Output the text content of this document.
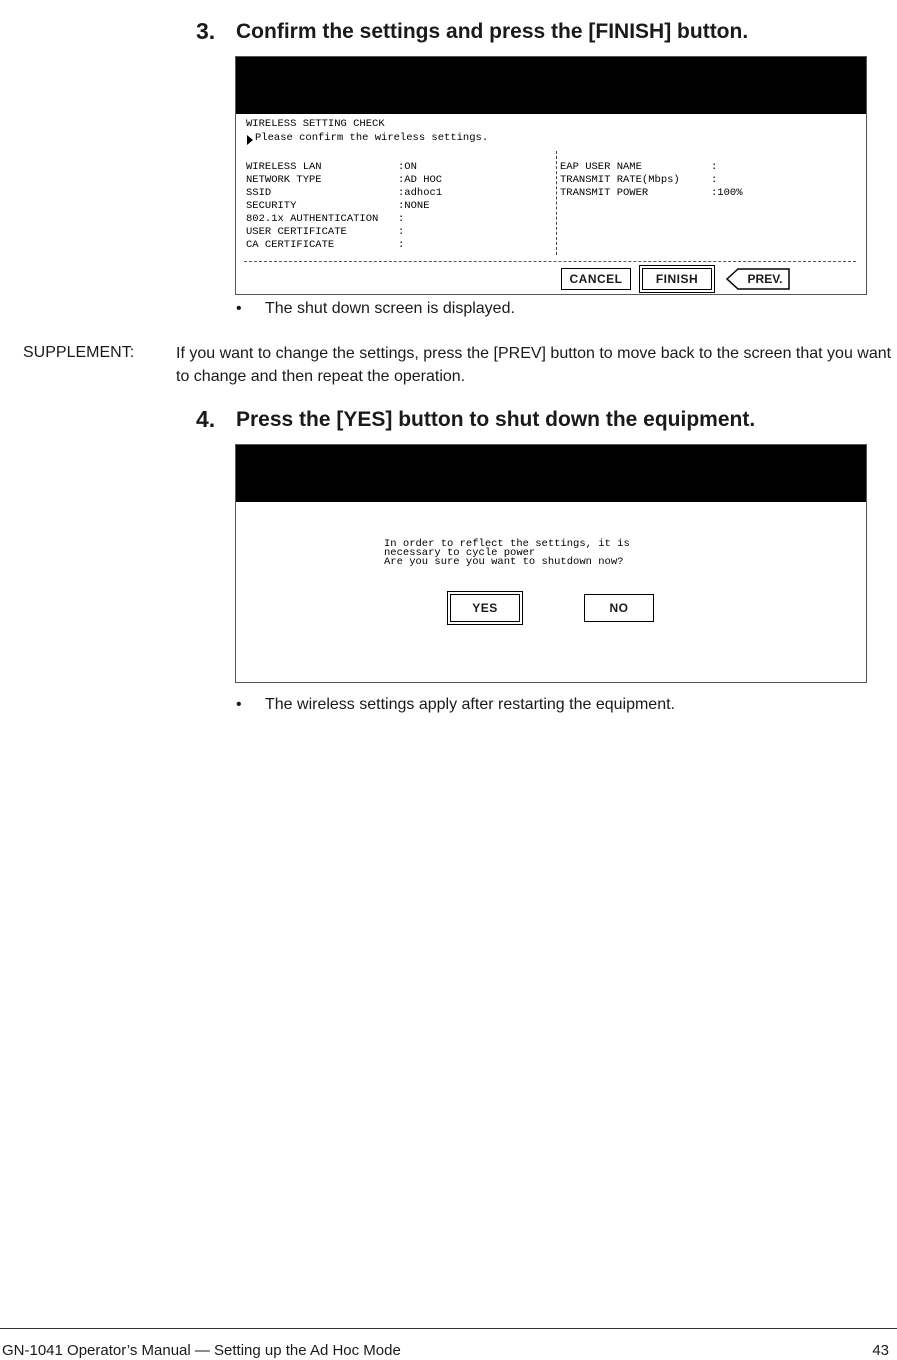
3. Confirm the settings and press the [FINISH] button.
WIRELESS SETTING CHECK
Please confirm the wireless settings.
WIRELESS LAN	:ON
NETWORK TYPE	:AD HOC
SSID	:adhoc1
SECURITY	:NONE
802.1x AUTHENTICATION :
USER CERTIFICATE	:
CA CERTIFICATE	:
EAP USER NAME	:
TRANSMIT RATE(Mbps)	:
TRANSMIT POWER	:100%
CANCEL	FINISH	PREV.
• The shut down screen is displayed.
SUPPLEMENT:	If you want to change the settings, press the [PREV] button to move back to the screen that you want to change and then repeat the operation.
4. Press the [YES] button to shut down the equipment.
In order to reflect the settings, it is
necessary to cycle power
Are you sure you want to shutdown now?
YES	NO
• The wireless settings apply after restarting the equipment.
GN-1041 Operator’s Manual — Setting up the Ad Hoc Mode	43
